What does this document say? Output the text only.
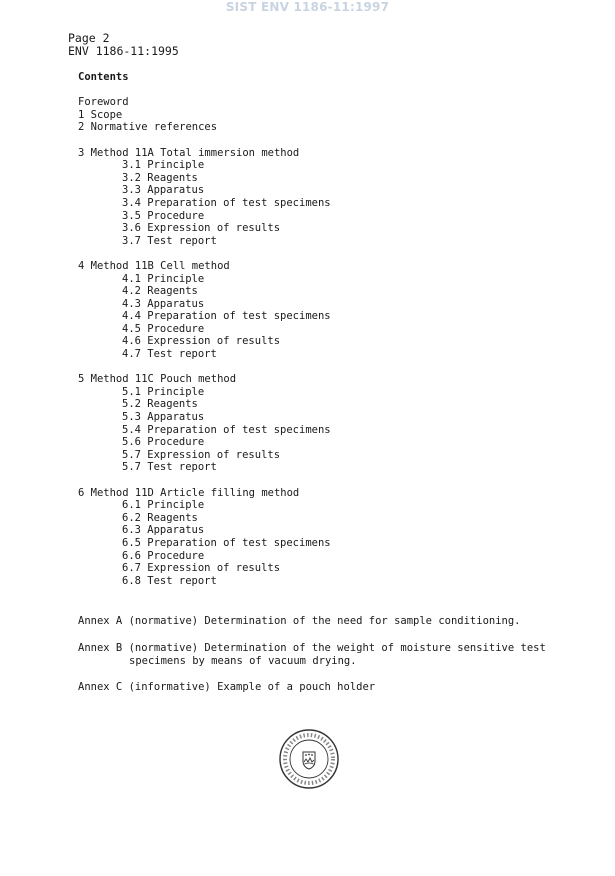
SIST ENV 1186-11:1997
Page 2
ENV 1186-11:1995
Contents
Foreword
1 Scope
2 Normative references
3 Method 11A Total immersion method
3.1 Principle
3.2 Reagents
3.3 Apparatus
3.4 Preparation of test specimens
3.5 Procedure
3.6 Expression of results
3.7 Test report
4 Method 11B Cell method
4.1 Principle
4.2 Reagents
4.3 Apparatus
4.4 Preparation of test specimens
4.5 Procedure
4.6 Expression of results
4.7 Test report
5 Method 11C Pouch method
5.1 Principle
5.2 Reagents
5.3 Apparatus
5.4 Preparation of test specimens
5.6 Procedure
5.7 Expression of results
5.7 Test report
6 Method 11D Article filling method
6.1 Principle
6.2 Reagents
6.3 Apparatus
6.5 Preparation of test specimens
6.6 Procedure
6.7 Expression of results
6.8 Test report
Annex A (normative) Determination of the need for sample conditioning.
Annex B (normative) Determination of the weight of moisture sensitive test
specimens by means of vacuum drying.
Annex C (informative) Example of a pouch holder
